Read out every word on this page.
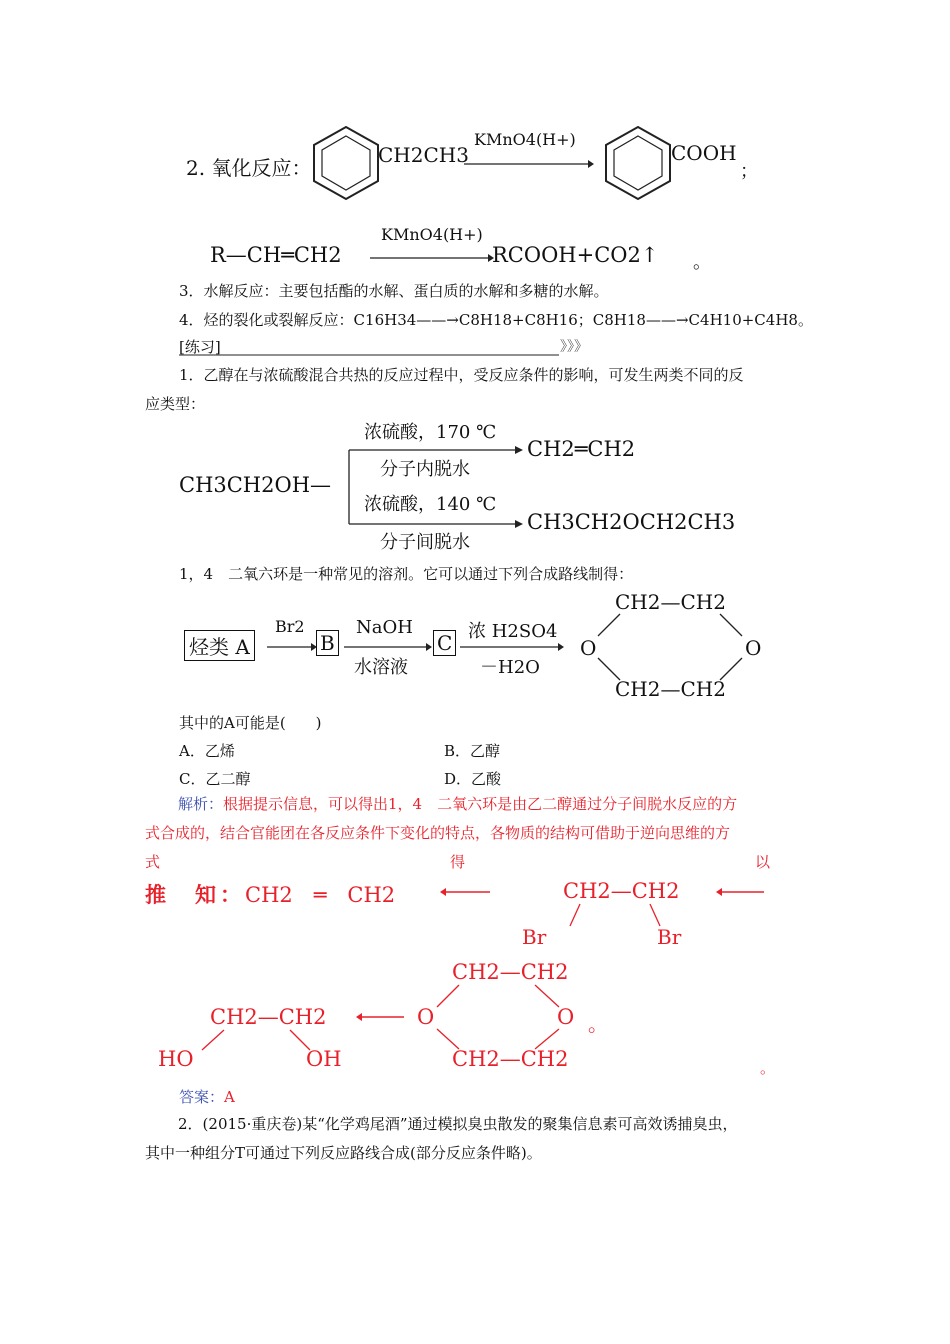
2. 氧化反应：
CH2CH3
KMnO4(H+)
COOH
；
R—CH═CH2
KMnO4(H+)
RCOOH+CO2↑ 。
3．水解反应：主要包括酯的水解、蛋白质的水解和多糖的水解。
4．烃的裂化或裂解反应：C16H34——→C8H18+C8H16；C8H18——→C4H10+C4H8。
[练习]	》》》
1．乙醇在与浓硫酸混合共热的反应过程中，受反应条件的影响，可发生两类不同的反
应类型：
CH3CH2OH—
浓硫酸，170 ℃
分子内脱水
CH2═CH2
浓硫酸，140 ℃
分子间脱水
CH3CH2OCH2CH3
1，4　二氧六环是一种常见的溶剂。它可以通过下列合成路线制得：
烃类 A
Br2
B
NaOH
水溶液
C 浓 H2SO4
－H2O
CH2—CH2
O	O
CH2—CH2
其中的A可能是(　　)
A．乙烯	B．乙醇
C．乙二醇	D．乙酸
解析：根据提示信息，可以得出1，4　二氧六环是由乙二醇通过分子间脱水反应的方
式合成的，结合官能团在各反应条件下变化的特点，各物质的结构可借助于逆向思维的方
式　　　　　　　　　　　　　　　　　得　　　　　　　　　　　　　　　　　以
推　知： CH2　═　CH2	CH2—CH2
Br	Br
CH2—CH2
O	O
CH2—CH2
。
CH2—CH2
HO	OH	。
答案：A
2．(2015·重庆卷)某“化学鸡尾酒”通过模拟臭虫散发的聚集信息素可高效诱捕臭虫，
其中一种组分T可通过下列反应路线合成(部分反应条件略)。
